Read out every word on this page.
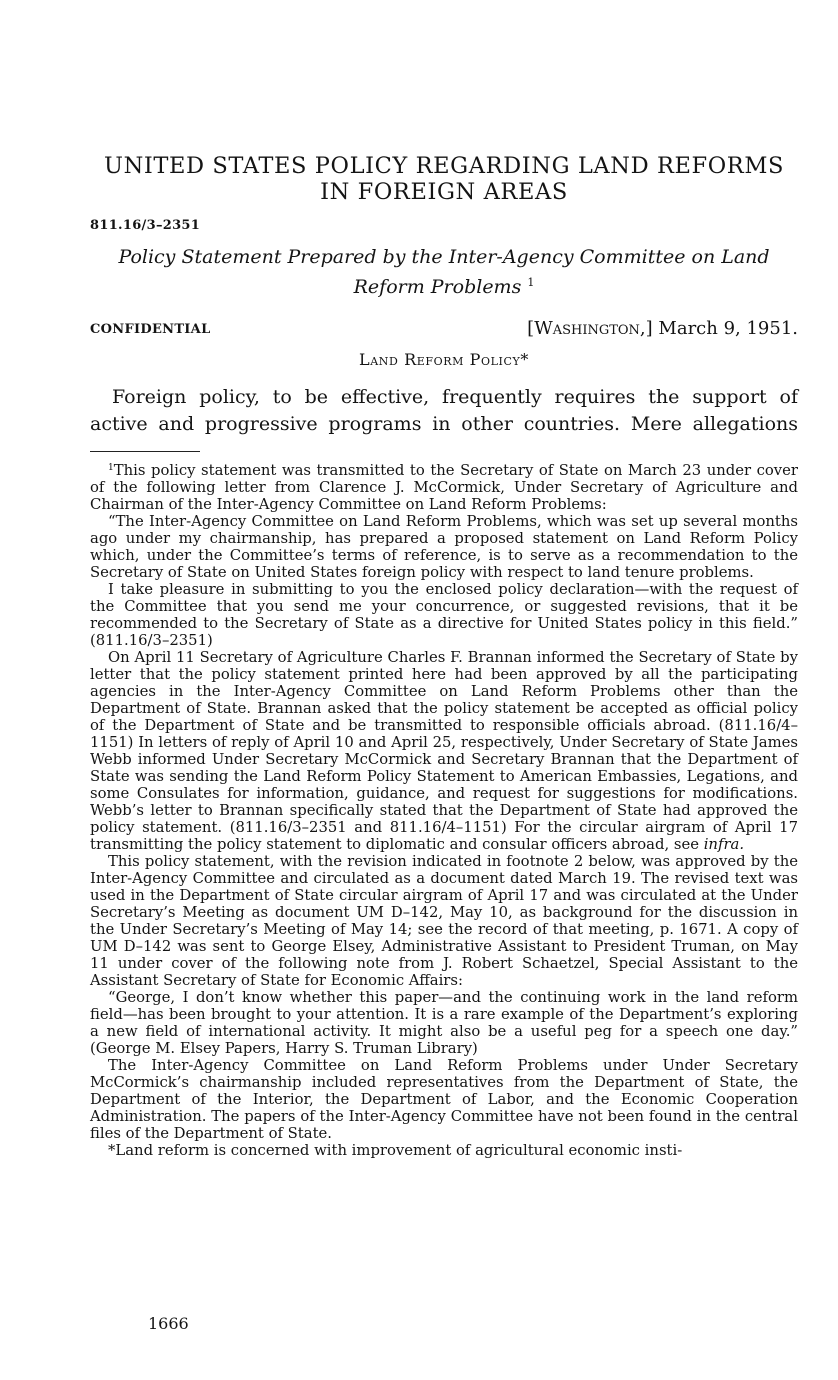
UNITED STATES POLICY REGARDING LAND REFORMS
IN FOREIGN AREAS
811.16/3–2351
Policy Statement Prepared by the Inter-Agency Committee on Land
Reform Problems $^1$
CONFIDENTIAL	[Washington,] March 9, 1951.
Land Reform Policy*

Foreign policy, to be effective, frequently requires the support of active and progressive programs in other countries. Mere allegations

$^1$This policy statement was transmitted to the Secretary of State on March 23 under cover of the following letter from Clarence J. McCormick, Under Secretary of Agriculture and Chairman of the Inter-Agency Committee on Land Reform Problems:

“The Inter-Agency Committee on Land Reform Problems, which was set up several months ago under my chairmanship, has prepared a proposed statement on Land Reform Policy which, under the Committee’s terms of reference, is to serve as a recommendation to the Secretary of State on United States foreign policy with respect to land tenure problems.

I take pleasure in submitting to you the enclosed policy declaration—with the request of the Committee that you send me your concurrence, or suggested revisions, that it be recommended to the Secretary of State as a directive for United States policy in this field.” (811.16/3–2351)

On April 11 Secretary of Agriculture Charles F. Brannan informed the Secretary of State by letter that the policy statement printed here had been approved by all the participating agencies in the Inter-Agency Committee on Land Reform Problems other than the Department of State. Brannan asked that the policy statement be accepted as official policy of the Department of State and be transmitted to responsible officials abroad. (811.16/4–1151) In letters of reply of April 10 and April 25, respectively, Under Secretary of State James Webb informed Under Secretary McCormick and Secretary Brannan that the Department of State was sending the Land Reform Policy Statement to American Embassies, Legations, and some Consulates for information, guidance, and request for suggestions for modifications. Webb’s letter to Brannan specifically stated that the Department of State had approved the policy statement. (811.16/3–2351 and 811.16/4–1151) For the circular airgram of April 17 transmitting the policy statement to diplomatic and consular officers abroad, see infra.

This policy statement, with the revision indicated in footnote 2 below, was approved by the Inter-Agency Committee and circulated as a document dated March 19. The revised text was used in the Department of State circular airgram of April 17 and was circulated at the Under Secretary’s Meeting as document UM D–142, May 10, as background for the discussion in the Under Secretary’s Meeting of May 14; see the record of that meeting, p. 1671. A copy of UM D–142 was sent to George Elsey, Administrative Assistant to President Truman, on May 11 under cover of the following note from J. Robert Schaetzel, Special Assistant to the Assistant Secretary of State for Economic Affairs:

“George, I don’t know whether this paper—and the continuing work in the land reform field—has been brought to your attention. It is a rare example of the Department’s exploring a new field of international activity. It might also be a useful peg for a speech one day.” (George M. Elsey Papers, Harry S. Truman Library)

The Inter-Agency Committee on Land Reform Problems under Under Secretary McCormick’s chairmanship included representatives from the Department of State, the Department of the Interior, the Department of Labor, and the Economic Cooperation Administration. The papers of the Inter-Agency Committee have not been found in the central files of the Department of State.

*Land reform is concerned with improvement of agricultural economic insti-

1666
